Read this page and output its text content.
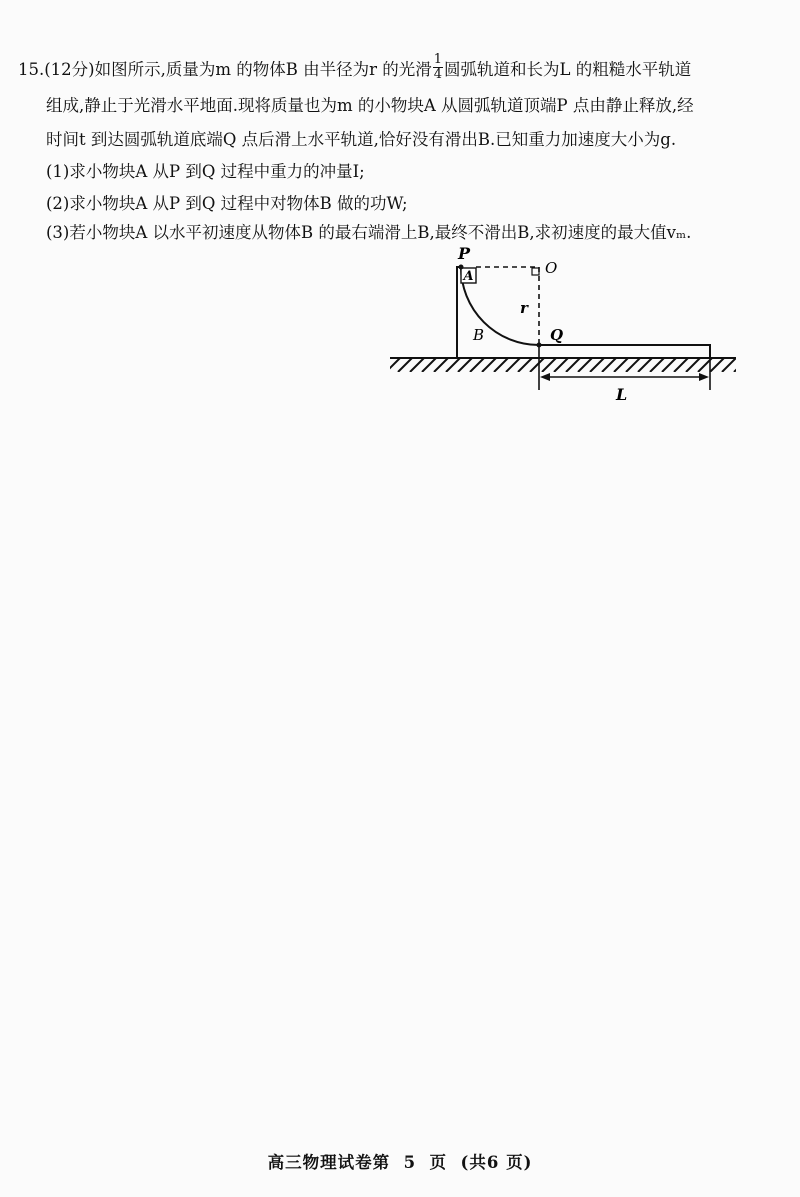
15.(12分)如图所示,质量为m 的物体B 由半径为r 的光滑 $\frac{1}{4}$ 圆弧轨道和长为L 的粗糙水平轨道
组成,静止于光滑水平地面.现将质量也为m 的小物块A 从圆弧轨道顶端P 点由静止释放,经
时间t 到达圆弧轨道底端Q 点后滑上水平轨道,恰好没有滑出B.已知重力加速度大小为g.
(1)求小物块A 从P 到Q 过程中重力的冲量I;
(2)求小物块A 从P 到Q 过程中对物体B 做的功W;
(3)若小物块A 以水平初速度从物体B 的最右端滑上B,最终不滑出B,求初速度的最大值vₘ.
A
P
O
r
B	Q
L
高三物理试卷第  5  页  (共6 页)
